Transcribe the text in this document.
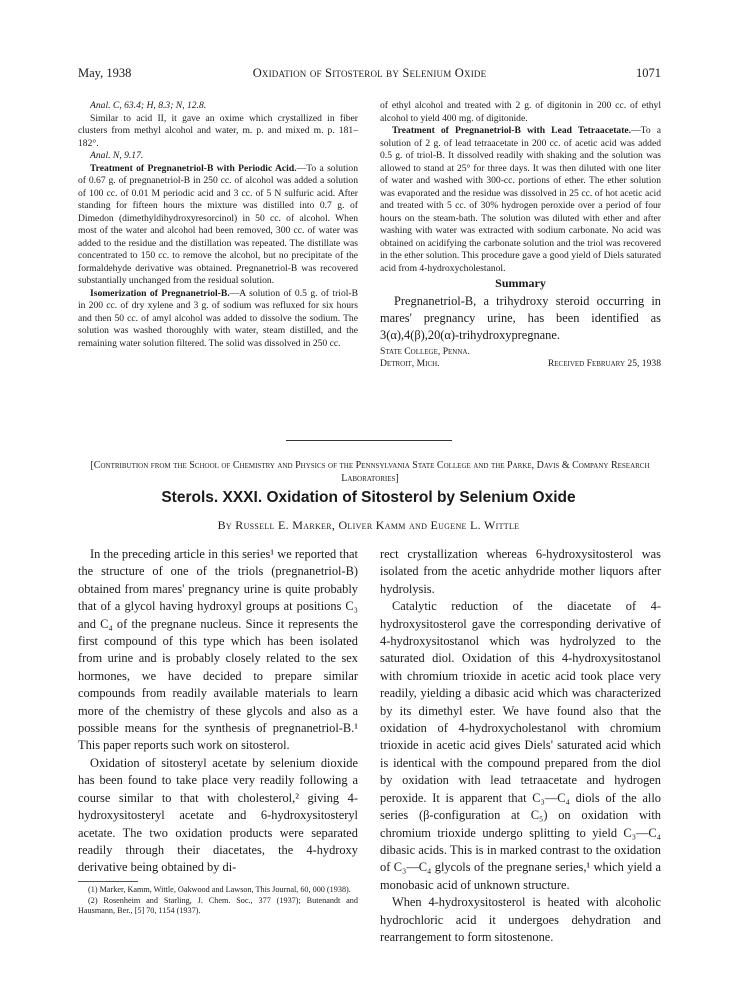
May, 1938	Oxidation of Sitosterol by Selenium Oxide	1071

Anal. C, 63.4; H, 8.3; N, 12.8.

Similar to acid II, it gave an oxime which crystallized in fiber clusters from methyl alcohol and water, m. p. and mixed m. p. 181–182°.

Anal. N, 9.17.

Treatment of Pregnanetriol-B with Periodic Acid.—To a solution of 0.67 g. of pregnanetriol-B in 250 cc. of alcohol was added a solution of 100 cc. of 0.01 M periodic acid and 3 cc. of 5 N sulfuric acid. After standing for fifteen hours the mixture was distilled into 0.7 g. of Dimedon (dimethyldihydroxyresorcinol) in 50 cc. of alcohol. When most of the water and alcohol had been removed, 300 cc. of water was added to the residue and the distillation was repeated. The distillate was concentrated to 150 cc. to remove the alcohol, but no precipitate of the formaldehyde derivative was obtained. Pregnanetriol-B was recovered substantially unchanged from the residual solution.

Isomerization of Pregnanetriol-B.—A solution of 0.5 g. of triol-B in 200 cc. of dry xylene and 3 g. of sodium was refluxed for six hours and then 50 cc. of amyl alcohol was added to dissolve the sodium. The solution was washed thoroughly with water, steam distilled, and the remaining water solution filtered. The solid was dissolved in 250 cc.

of ethyl alcohol and treated with 2 g. of digitonin in 200 cc. of ethyl alcohol to yield 400 mg. of digitonide.

Treatment of Pregnanetriol-B with Lead Tetraacetate.—To a solution of 2 g. of lead tetraacetate in 200 cc. of acetic acid was added 0.5 g. of triol-B. It dissolved readily with shaking and the solution was allowed to stand at 25° for three days. It was then diluted with one liter of water and washed with 300-cc. portions of ether. The ether solution was evaporated and the residue was dissolved in 25 cc. of hot acetic acid and treated with 5 cc. of 30% hydrogen peroxide over a period of four hours on the steam-bath. The solution was diluted with ether and after washing with water was extracted with sodium carbonate. No acid was obtained on acidifying the carbonate solution and the triol was recovered in the ether solution. This procedure gave a good yield of Diels saturated acid from 4-hydroxycholestanol.

Summary

Pregnanetriol-B, a trihydroxy steroid occurring in mares' pregnancy urine, has been identified as 3(α),4(β),20(α)-trihydroxypregnane.

State College, Penna.
Detroit, Mich.	Received February 25, 1938
[Contribution from the School of Chemistry and Physics of the Pennsylvania State College and the Parke, Davis & Company Research Laboratories]
Sterols. XXXI. Oxidation of Sitosterol by Selenium Oxide
By Russell E. Marker, Oliver Kamm and Eugene L. Wittle

In the preceding article in this series¹ we reported that the structure of one of the triols (pregnanetriol-B) obtained from mares' pregnancy urine is quite probably that of a glycol having hydroxyl groups at positions C₃ and C₄ of the pregnane nucleus. Since it represents the first compound of this type which has been isolated from urine and is probably closely related to the sex hormones, we have decided to prepare similar compounds from readily available materials to learn more of the chemistry of these glycols and also as a possible means for the synthesis of pregnanetriol-B.¹ This paper reports such work on sitosterol.

Oxidation of sitosteryl acetate by selenium dioxide has been found to take place very readily following a course similar to that with cholesterol,² giving 4-hydroxysitosteryl acetate and 6-hydroxysitosteryl acetate. The two oxidation products were separated readily through their diacetates, the 4-hydroxy derivative being obtained by di-

(1) Marker, Kamm, Wittle, Oakwood and Lawson, This Journal, 60, 000 (1938).

(2) Rosenheim and Starling, J. Chem. Soc., 377 (1937); Butenandt and Hausmann, Ber., [5] 70, 1154 (1937).

rect crystallization whereas 6-hydroxysitosterol was isolated from the acetic anhydride mother liquors after hydrolysis.

Catalytic reduction of the diacetate of 4-hydroxysitosterol gave the corresponding derivative of 4-hydroxysitostanol which was hydrolyzed to the saturated diol. Oxidation of this 4-hydroxysitostanol with chromium trioxide in acetic acid took place very readily, yielding a dibasic acid which was characterized by its dimethyl ester. We have found also that the oxidation of 4-hydroxycholestanol with chromium trioxide in acetic acid gives Diels' saturated acid which is identical with the compound prepared from the diol by oxidation with lead tetraacetate and hydrogen peroxide. It is apparent that C₃—C₄ diols of the allo series (β-configuration at C₅) on oxidation with chromium trioxide undergo splitting to yield C₃—C₄ dibasic acids. This is in marked contrast to the oxidation of C₃—C₄ glycols of the pregnane series,¹ which yield a monobasic acid of unknown structure.

When 4-hydroxysitosterol is heated with alcoholic hydrochloric acid it undergoes dehydration and rearrangement to form sitostenone.
